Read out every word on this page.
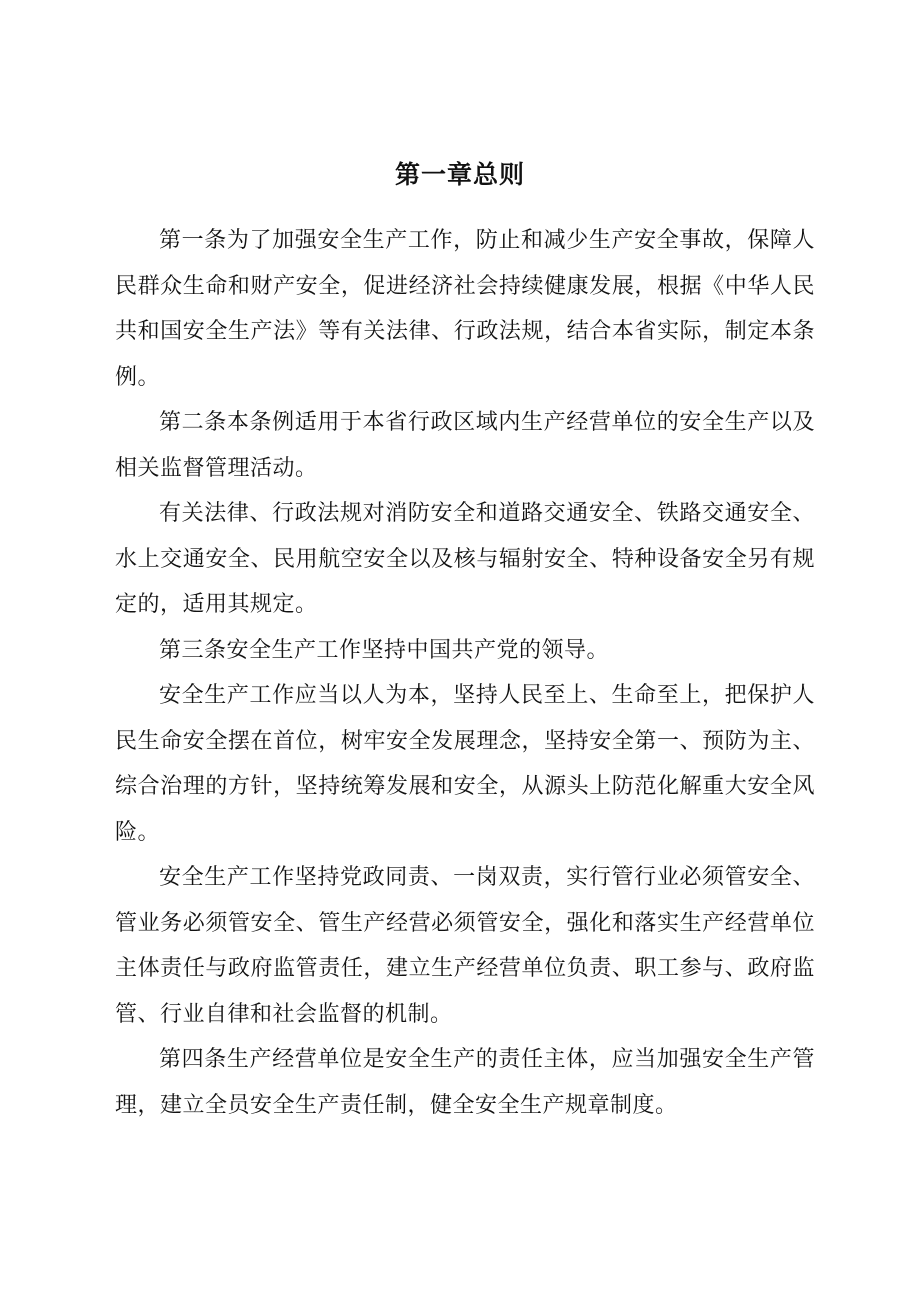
第一章总则

第一条为了加强安全生产工作，防止和减少生产安全事故，保障人民群众生命和财产安全，促进经济社会持续健康发展，根据《中华人民共和国安全生产法》等有关法律、行政法规，结合本省实际，制定本条例。

第二条本条例适用于本省行政区域内生产经营单位的安全生产以及相关监督管理活动。

有关法律、行政法规对消防安全和道路交通安全、铁路交通安全、水上交通安全、民用航空安全以及核与辐射安全、特种设备安全另有规定的，适用其规定。

第三条安全生产工作坚持中国共产党的领导。

安全生产工作应当以人为本，坚持人民至上、生命至上，把保护人民生命安全摆在首位，树牢安全发展理念，坚持安全第一、预防为主、综合治理的方针，坚持统筹发展和安全，从源头上防范化解重大安全风险。

安全生产工作坚持党政同责、一岗双责，实行管行业必须管安全、管业务必须管安全、管生产经营必须管安全，强化和落实生产经营单位主体责任与政府监管责任，建立生产经营单位负责、职工参与、政府监管、行业自律和社会监督的机制。

第四条生产经营单位是安全生产的责任主体，应当加强安全生产管理，建立全员安全生产责任制，健全安全生产规章制度。
